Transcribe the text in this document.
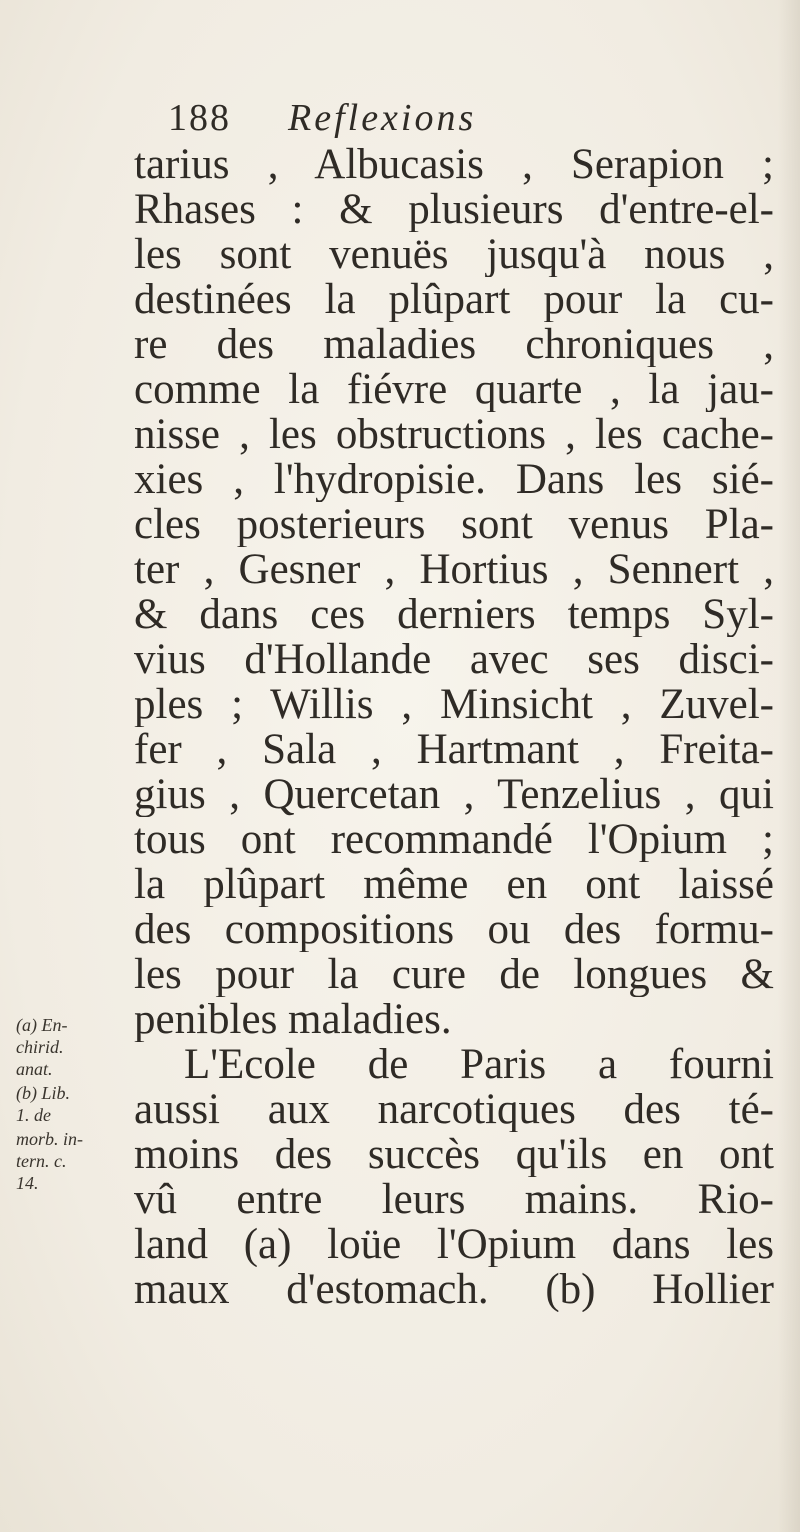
188 Reflexions
tarius , Albucasis , Serapion ;
Rhases : & plusieurs d'entre-el-
les sont venuës jusqu'à nous ,
destinées la plûpart pour la cu-
re des maladies chroniques ,
comme la fiévre quarte , la jau-
nisse , les obstructions , les cache-
xies , l'hydropisie. Dans les sié-
cles posterieurs sont venus Pla-
ter , Gesner , Hortius , Sennert ,
& dans ces derniers temps Syl-
vius d'Hollande avec ses disci-
ples ; Willis , Minsicht , Zuvel-
fer , Sala , Hartmant , Freita-
gius , Quercetan , Tenzelius , qui
tous ont recommandé l'Opium ;
la plûpart même en ont laissé
des compositions ou des formu-
les pour la cure de longues &
penibles maladies.
L'Ecole de Paris a fourni
aussi aux narcotiques des té-
moins des succès qu'ils en ont
vû entre leurs mains. Rio-
land (a) loüe l'Opium dans les
maux d'estomach. (b) Hollier
(a) En-
chirid.
anat.
(b) Lib.
1. de
morb. in-
tern. c.
14.
